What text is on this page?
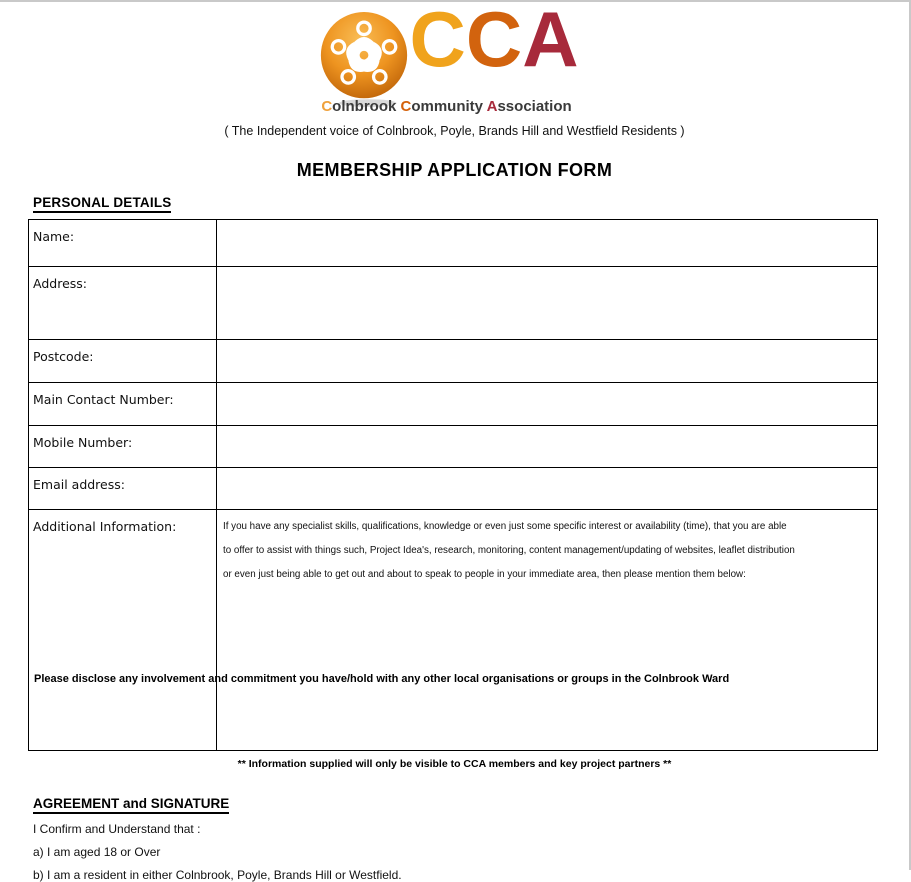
CCA
Colnbrook Community Association
( The Independent voice of Colnbrook, Poyle, Brands Hill and Westfield Residents )
MEMBERSHIP APPLICATION FORM
PERSONAL DETAILS
Name:
Address:
Postcode:
Main Contact Number:
Mobile Number:
Email address:
Additional Information:	If you have any specialist skills, qualifications, knowledge or even just some specific interest or availability (time), that you are able
to offer to assist with things such, Project Idea's, research, monitoring, content management/updating of websites, leaflet distribution
or even just being able to get out and about to speak to people in your immediate area, then please mention them below:
Please disclose any involvement and commitment you have/hold with any other local organisations or groups in the Colnbrook Ward
** Information supplied will only be visible to CCA members and key project partners **
AGREEMENT and SIGNATURE
I Confirm and Understand that :
a) I am aged 18 or Over
b) I am a resident in either Colnbrook, Poyle, Brands Hill or Westfield.
